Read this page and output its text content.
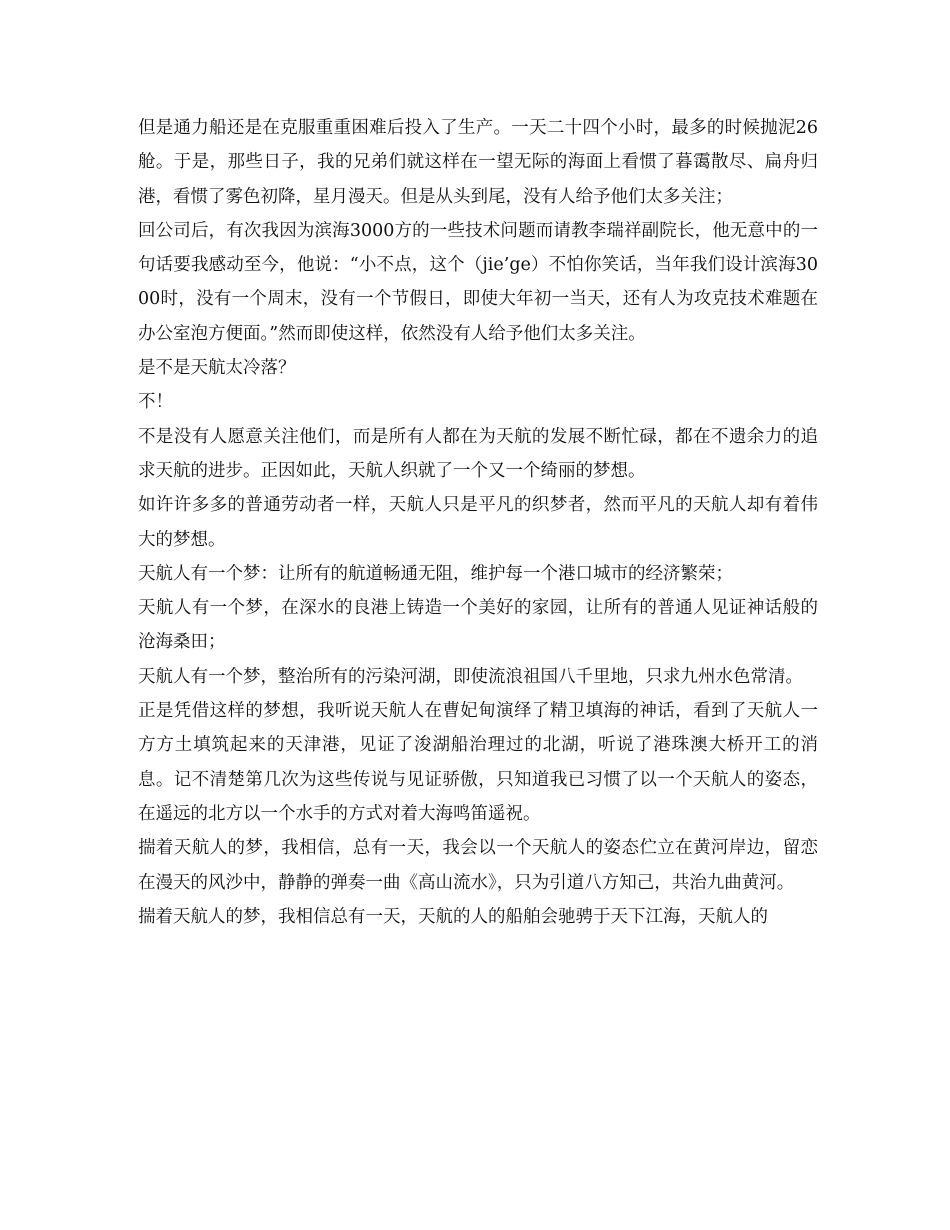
但是通力船还是在克服重重困难后投入了生产。一天二十四个小时，最多的时候抛泥26舱。于是，那些日子，我的兄弟们就这样在一望无际的海面上看惯了暮霭散尽、扁舟归港，看惯了雾色初降，星月漫天。但是从头到尾，没有人给予他们太多关注；

回公司后，有次我因为滨海3000方的一些技术问题而请教李瑞祥副院长，他无意中的一句话要我感动至今，他说：“小不点，这个（jie’ge）不怕你笑话，当年我们设计滨海3000时，没有一个周末，没有一个节假日，即使大年初一当天，还有人为攻克技术难题在办公室泡方便面。”然而即使这样，依然没有人给予他们太多关注。

是不是天航太冷落？

不！

不是没有人愿意关注他们，而是所有人都在为天航的发展不断忙碌，都在不遗余力的追求天航的进步。正因如此，天航人织就了一个又一个绮丽的梦想。

如许许多多的普通劳动者一样，天航人只是平凡的织梦者，然而平凡的天航人却有着伟大的梦想。

天航人有一个梦：让所有的航道畅通无阻，维护每一个港口城市的经济繁荣；

天航人有一个梦，在深水的良港上铸造一个美好的家园，让所有的普通人见证神话般的沧海桑田；

天航人有一个梦，整治所有的污染河湖，即使流浪祖国八千里地，只求九州水色常清。

正是凭借这样的梦想，我听说天航人在曹妃甸演绎了精卫填海的神话，看到了天航人一方方土填筑起来的天津港，见证了浚湖船治理过的北湖，听说了港珠澳大桥开工的消息。记不清楚第几次为这些传说与见证骄傲，只知道我已习惯了以一个天航人的姿态，在遥远的北方以一个水手的方式对着大海鸣笛遥祝。

揣着天航人的梦，我相信，总有一天，我会以一个天航人的姿态伫立在黄河岸边，留恋在漫天的风沙中，静静的弹奏一曲《高山流水》，只为引道八方知己，共治九曲黄河。

揣着天航人的梦，我相信总有一天，天航的人的船舶会驰骋于天下江海，天航人的
